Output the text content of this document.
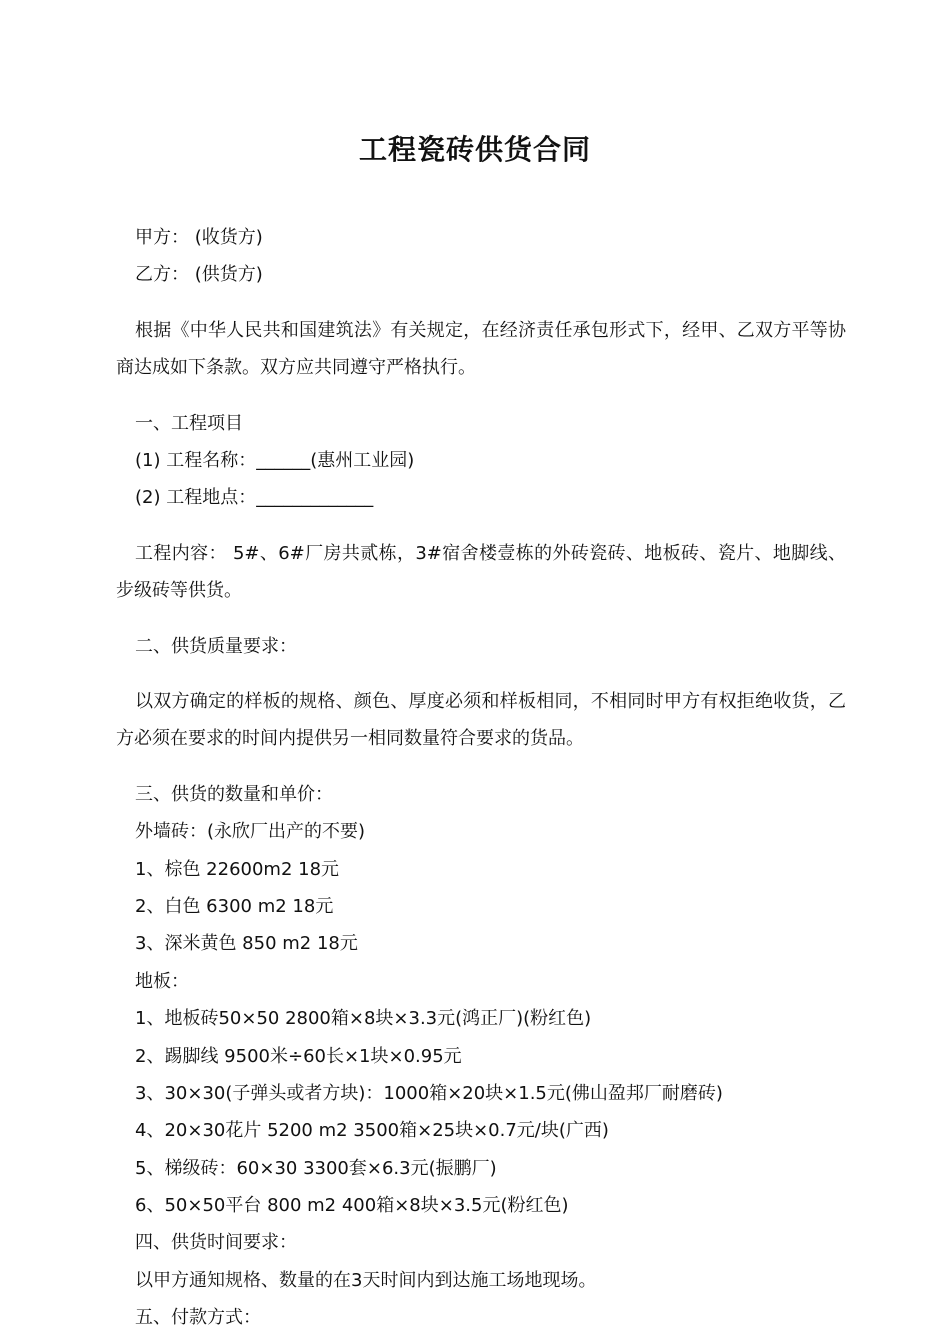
工程瓷砖供货合同

甲方： (收货方)

乙方： (供货方)

根据《中华人民共和国建筑法》有关规定，在经济责任承包形式下，经甲、乙双方平等协商达成如下条款。双方应共同遵守严格执行。

一、工程项目

(1) 工程名称：______(惠州工业园)

(2) 工程地点：_____________

工程内容： 5#、6#厂房共贰栋，3#宿舍楼壹栋的外砖瓷砖、地板砖、瓷片、地脚线、步级砖等供货。

二、供货质量要求：

以双方确定的样板的规格、颜色、厚度必须和样板相同，不相同时甲方有权拒绝收货，乙方必须在要求的时间内提供另一相同数量符合要求的货品。

三、供货的数量和单价：

外墙砖：(永欣厂出产的不要)

1、棕色 22600m2 18元

2、白色 6300 m2 18元

3、深米黄色 850 m2 18元

地板：

1、地板砖50×50 2800箱×8块×3.3元(鸿正厂)(粉红色)

2、踢脚线 9500米÷60长×1块×0.95元

3、30×30(子弹头或者方块)：1000箱×20块×1.5元(佛山盈邦厂耐磨砖)

4、20×30花片 5200 m2 3500箱×25块×0.7元/块(广西)

5、梯级砖：60×30 3300套×6.3元(振鹏厂)

6、50×50平台 800 m2 400箱×8块×3.5元(粉红色)

四、供货时间要求：

以甲方通知规格、数量的在3天时间内到达施工场地现场。

五、付款方式：
